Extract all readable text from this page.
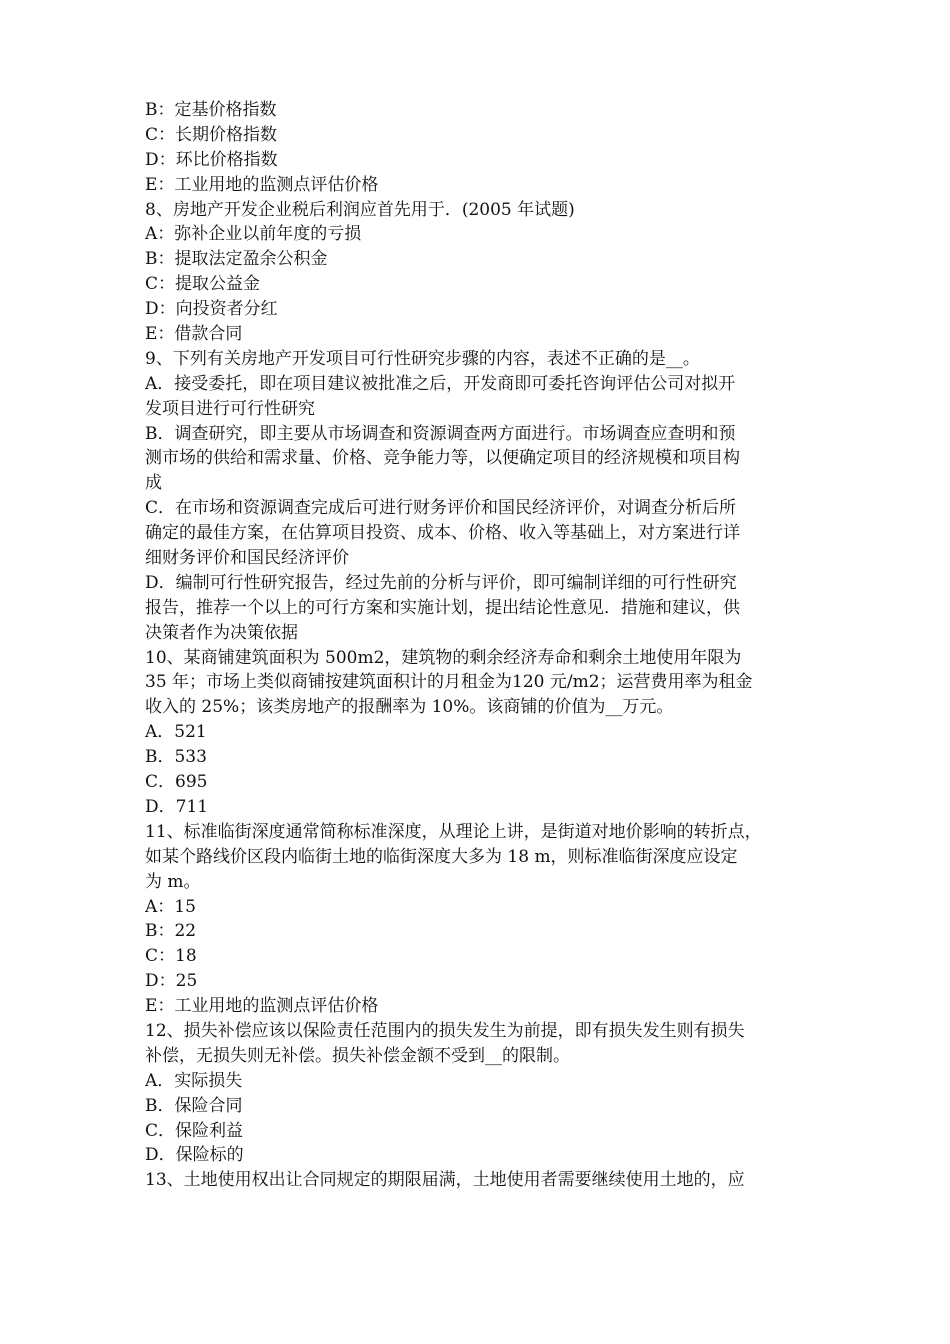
B：定基价格指数
C：长期价格指数
D：环比价格指数
E：工业用地的监测点评估价格
8、房地产开发企业税后利润应首先用于．(2005 年试题)
A：弥补企业以前年度的亏损
B：提取法定盈余公积金
C：提取公益金
D：向投资者分红
E：借款合同
9、下列有关房地产开发项目可行性研究步骤的内容，表述不正确的是__。
A．接受委托，即在项目建议被批准之后，开发商即可委托咨询评估公司对拟开
发项目进行可行性研究
B．调查研究，即主要从市场调查和资源调查两方面进行。市场调查应查明和预
测市场的供给和需求量、价格、竞争能力等，以便确定项目的经济规模和项目构
成
C．在市场和资源调查完成后可进行财务评价和国民经济评价，对调查分析后所
确定的最佳方案，在估算项目投资、成本、价格、收入等基础上，对方案进行详
细财务评价和国民经济评价
D．编制可行性研究报告，经过先前的分析与评价，即可编制详细的可行性研究
报告，推荐一个以上的可行方案和实施计划，提出结论性意见．措施和建议，供
决策者作为决策依据
10、某商铺建筑面积为 500m2，建筑物的剩余经济寿命和剩余土地使用年限为
35 年；市场上类似商铺按建筑面积计的月租金为120 元/m2；运营费用率为租金
收入的 25%；该类房地产的报酬率为 10%。该商铺的价值为__万元。
A．521
B．533
C．695
D．711
11、标准临街深度通常简称标准深度，从理论上讲，是街道对地价影响的转折点，
如某个路线价区段内临街土地的临街深度大多为 18 m，则标准临街深度应设定
为 m。
A：15
B：22
C：18
D：25
E：工业用地的监测点评估价格
12、损失补偿应该以保险责任范围内的损失发生为前提，即有损失发生则有损失
补偿，无损失则无补偿。损失补偿金额不受到__的限制。
A．实际损失
B．保险合同
C．保险利益
D．保险标的
13、土地使用权出让合同规定的期限届满，土地使用者需要继续使用土地的，应
